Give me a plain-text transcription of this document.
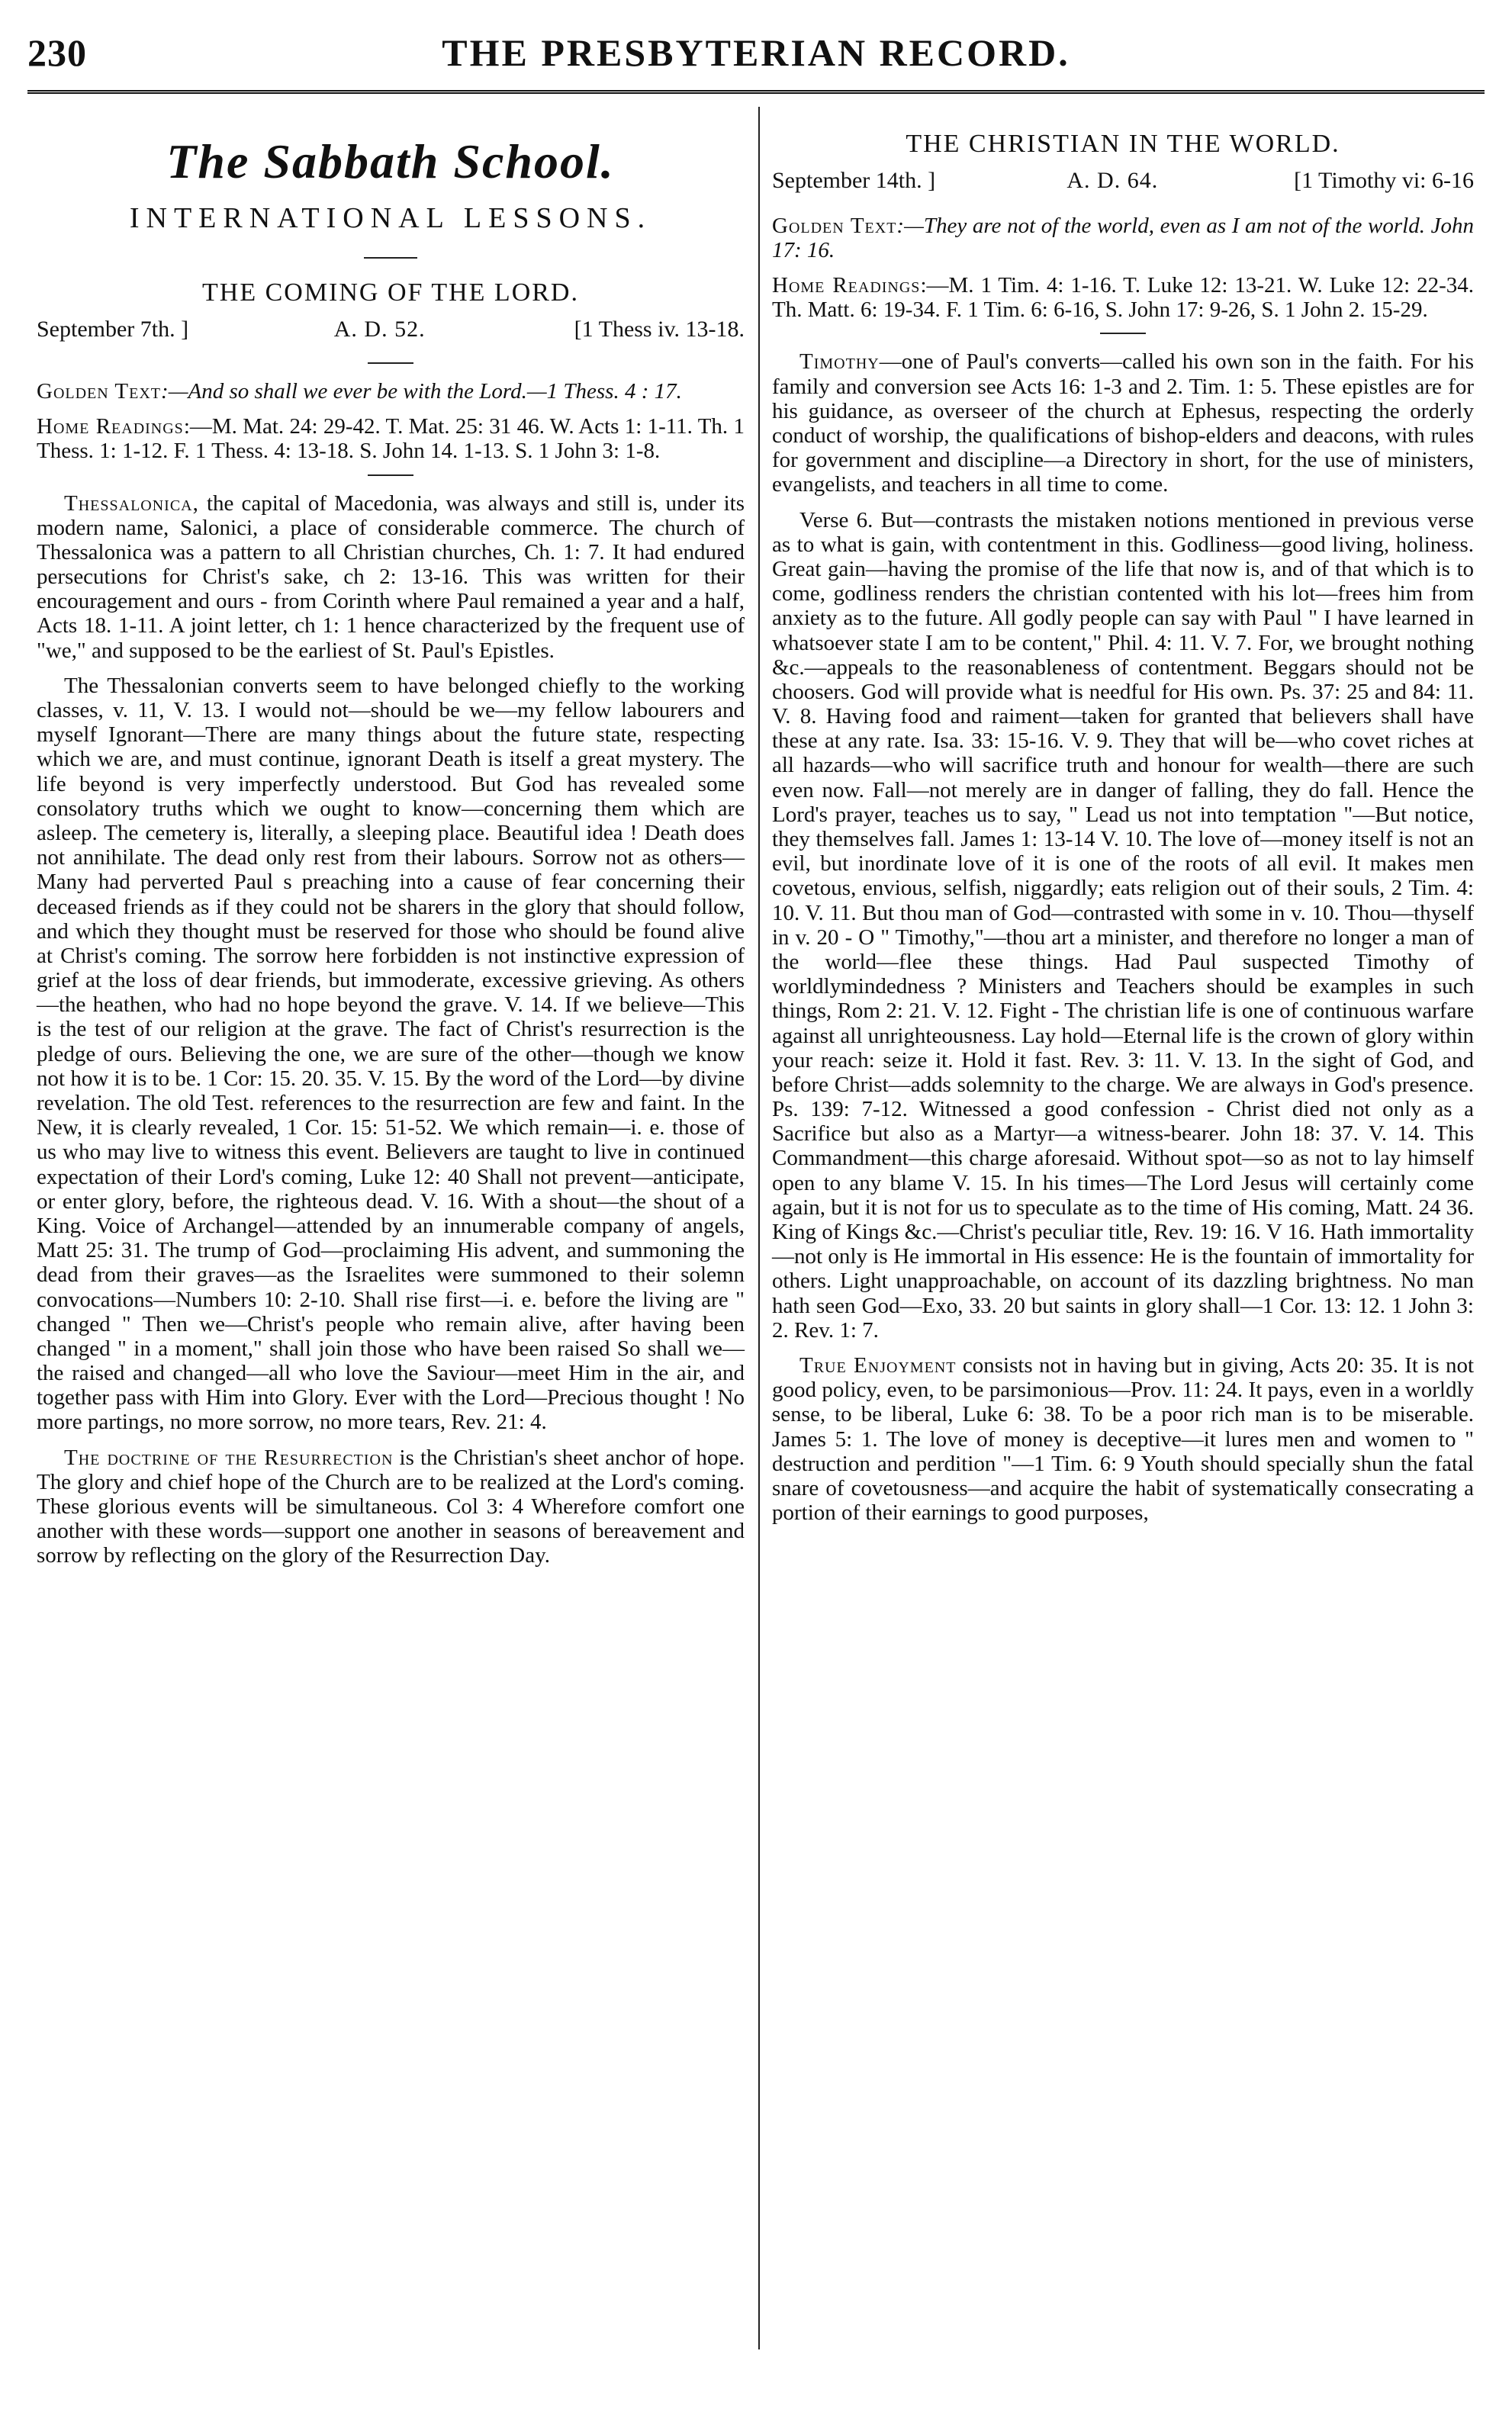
THE PRESBYTERIAN RECORD.
230
The Sabbath School.
INTERNATIONAL LESSONS.
THE COMING OF THE LORD.
September 7th. ]	A. D. 52.	[1 Thess iv. 13-18.

Golden Text:—And so shall we ever be with the Lord.—1 Thess. 4 : 17.

Home Readings:—M. Mat. 24: 29-42. T. Mat. 25: 31 46. W. Acts 1: 1-11. Th. 1 Thess. 1: 1-12. F. 1 Thess. 4: 13-18. S. John 14. 1-13. S. 1 John 3: 1-8.

Thessalonica, the capital of Macedonia, was always and still is, under its modern name, Salonici, a place of considerable commerce. The church of Thessalonica was a pattern to all Christian churches, Ch. 1: 7. It had endured persecutions for Christ's sake, ch 2: 13-16. This was written for their encouragement and ours - from Corinth where Paul remained a year and a half, Acts 18. 1-11. A joint letter, ch 1: 1 hence characterized by the frequent use of "we," and supposed to be the earliest of St. Paul's Epistles.

The Thessalonian converts seem to have belonged chiefly to the working classes, v. 11, V. 13. I would not—should be we—my fellow labourers and myself Ignorant—There are many things about the future state, respecting which we are, and must continue, ignorant Death is itself a great mystery. The life beyond is very imperfectly understood. But God has revealed some consolatory truths which we ought to know—concerning them which are asleep. The cemetery is, literally, a sleeping place. Beautiful idea ! Death does not annihilate. The dead only rest from their labours. Sorrow not as others—Many had perverted Paul s preaching into a cause of fear concerning their deceased friends as if they could not be sharers in the glory that should follow, and which they thought must be reserved for those who should be found alive at Christ's coming. The sorrow here forbidden is not instinctive expression of grief at the loss of dear friends, but immoderate, excessive grieving. As others—the heathen, who had no hope beyond the grave. V. 14. If we believe—This is the test of our religion at the grave. The fact of Christ's resurrection is the pledge of ours. Believing the one, we are sure of the other—though we know not how it is to be. 1 Cor: 15. 20. 35. V. 15. By the word of the Lord—by divine revelation. The old Test. references to the resurrection are few and faint. In the New, it is clearly revealed, 1 Cor. 15: 51-52. We which remain—i. e. those of us who may live to witness this event. Believers are taught to live in continued expectation of their Lord's coming, Luke 12: 40 Shall not prevent—anticipate, or enter glory, before, the righteous dead. V. 16. With a shout—the shout of a King. Voice of Archangel—attended by an innumerable company of angels, Matt 25: 31. The trump of God—proclaiming His advent, and summoning the dead from their graves—as the Israelites were summoned to their solemn convocations—Numbers 10: 2-10. Shall rise first—i. e. before the living are " changed " Then we—Christ's people who remain alive, after having been changed " in a moment," shall join those who have been raised So shall we—the raised and changed—all who love the Saviour—meet Him in the air, and together pass with Him into Glory. Ever with the Lord—Precious thought ! No more partings, no more sorrow, no more tears, Rev. 21: 4.

The doctrine of the Resurrection is the Christian's sheet anchor of hope. The glory and chief hope of the Church are to be realized at the Lord's coming. These glorious events will be simultaneous. Col 3: 4 Wherefore comfort one another with these words—support one another in seasons of bereavement and sorrow by reflecting on the glory of the Resurrection Day.

THE CHRISTIAN IN THE WORLD.
September 14th. ]	A. D. 64.	[1 Timothy vi: 6-16

Golden Text:—They are not of the world, even as I am not of the world. John 17: 16.

Home Readings:—M. 1 Tim. 4: 1-16. T. Luke 12: 13-21. W. Luke 12: 22-34. Th. Matt. 6: 19-34. F. 1 Tim. 6: 6-16, S. John 17: 9-26, S. 1 John 2. 15-29.

Timothy—one of Paul's converts—called his own son in the faith. For his family and conversion see Acts 16: 1-3 and 2. Tim. 1: 5. These epistles are for his guidance, as overseer of the church at Ephesus, respecting the orderly conduct of worship, the qualifications of bishop-elders and deacons, with rules for government and discipline—a Directory in short, for the use of ministers, evangelists, and teachers in all time to come.

Verse 6. But—contrasts the mistaken notions mentioned in previous verse as to what is gain, with contentment in this. Godliness—good living, holiness. Great gain—having the promise of the life that now is, and of that which is to come, godliness renders the christian contented with his lot—frees him from anxiety as to the future. All godly people can say with Paul " I have learned in whatsoever state I am to be content," Phil. 4: 11. V. 7. For, we brought nothing &c.—appeals to the reasonableness of contentment. Beggars should not be choosers. God will provide what is needful for His own. Ps. 37: 25 and 84: 11. V. 8. Having food and raiment—taken for granted that believers shall have these at any rate. Isa. 33: 15-16. V. 9. They that will be—who covet riches at all hazards—who will sacrifice truth and honour for wealth—there are such even now. Fall—not merely are in danger of falling, they do fall. Hence the Lord's prayer, teaches us to say, " Lead us not into temptation "—But notice, they themselves fall. James 1: 13-14 V. 10. The love of—money itself is not an evil, but inordinate love of it is one of the roots of all evil. It makes men covetous, envious, selfish, niggardly; eats religion out of their souls, 2 Tim. 4: 10. V. 11. But thou man of God—contrasted with some in v. 10. Thou—thyself in v. 20 - O " Timothy,"—thou art a minister, and therefore no longer a man of the world—flee these things. Had Paul suspected Timothy of worldlymindedness ? Ministers and Teachers should be examples in such things, Rom 2: 21. V. 12. Fight - The christian life is one of continuous warfare against all unrighteousness. Lay hold—Eternal life is the crown of glory within your reach: seize it. Hold it fast. Rev. 3: 11. V. 13. In the sight of God, and before Christ—adds solemnity to the charge. We are always in God's presence. Ps. 139: 7-12. Witnessed a good confession - Christ died not only as a Sacrifice but also as a Martyr—a witness-bearer. John 18: 37. V. 14. This Commandment—this charge aforesaid. Without spot—so as not to lay himself open to any blame V. 15. In his times—The Lord Jesus will certainly come again, but it is not for us to speculate as to the time of His coming, Matt. 24 36. King of Kings &c.—Christ's peculiar title, Rev. 19: 16. V 16. Hath immortality—not only is He immortal in His essence: He is the fountain of immortality for others. Light unapproachable, on account of its dazzling brightness. No man hath seen God—Exo, 33. 20 but saints in glory shall—1 Cor. 13: 12. 1 John 3: 2. Rev. 1: 7.

True Enjoyment consists not in having but in giving, Acts 20: 35. It is not good policy, even, to be parsimonious—Prov. 11: 24. It pays, even in a worldly sense, to be liberal, Luke 6: 38. To be a poor rich man is to be miserable. James 5: 1. The love of money is deceptive—it lures men and women to " destruction and perdition "—1 Tim. 6: 9 Youth should specially shun the fatal snare of covetousness—and acquire the habit of systematically consecrating a portion of their earnings to good purposes,
